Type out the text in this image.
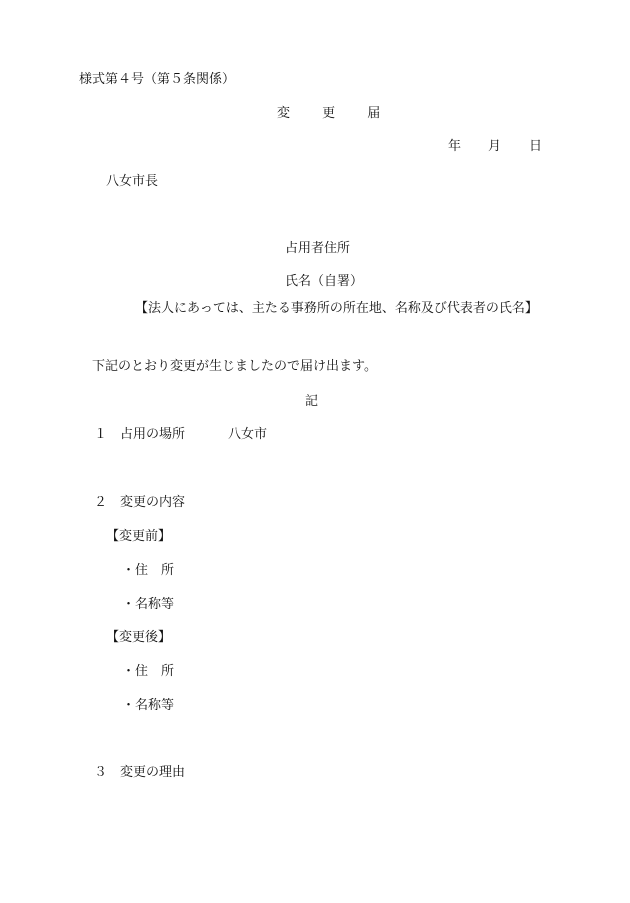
様式第４号（第５条関係）
変 更 届
年 月 日
八女市長
占用者住所
氏名（自署）
【法人にあっては、主たる事務所の所在地、名称及び代表者の氏名】
下記のとおり変更が生じましたので届け出ます。
記
１ 占用の場所	八女市
２ 変更の内容
【変更前】
・住　所
・名称等
【変更後】
・住　所
・名称等
３ 変更の理由
